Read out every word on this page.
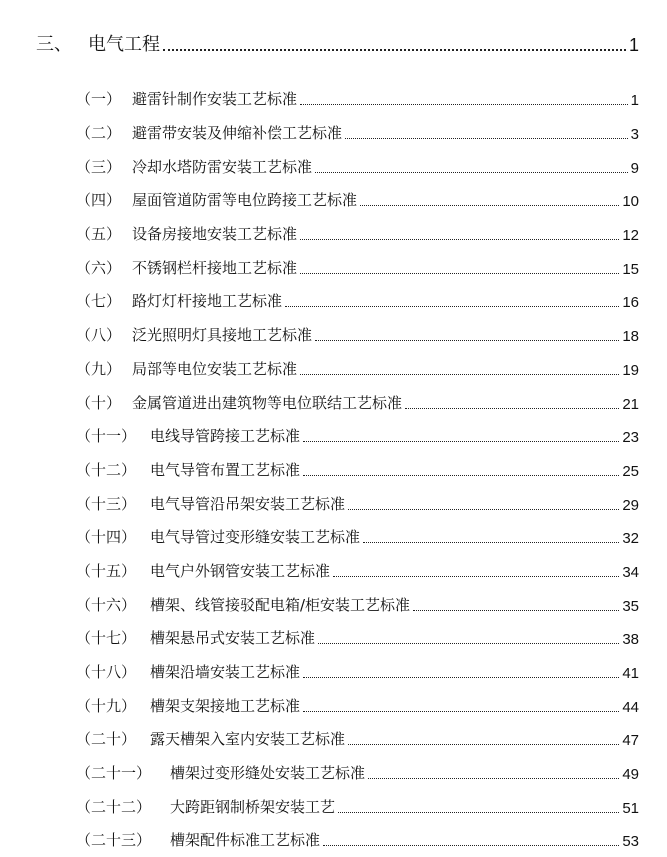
三、 电气工程	1
（一） 避雷针制作安装工艺标准	1
（二） 避雷带安装及伸缩补偿工艺标准	3
（三） 冷却水塔防雷安装工艺标准	9
（四） 屋面管道防雷等电位跨接工艺标准	10
（五） 设备房接地安装工艺标准	12
（六） 不锈钢栏杆接地工艺标准	15
（七） 路灯灯杆接地工艺标准	16
（八） 泛光照明灯具接地工艺标准	18
（九） 局部等电位安装工艺标准	19
（十） 金属管道进出建筑物等电位联结工艺标准	21
（十一） 电线导管跨接工艺标准	23
（十二） 电气导管布置工艺标准	25
（十三） 电气导管沿吊架安装工艺标准	29
（十四） 电气导管过变形缝安装工艺标准	32
（十五） 电气户外钢管安装工艺标准	34
（十六） 槽架、线管接驳配电箱/柜安装工艺标准	35
（十七） 槽架悬吊式安装工艺标准	38
（十八） 槽架沿墙安装工艺标准	41
（十九） 槽架支架接地工艺标准	44
（二十） 露天槽架入室内安装工艺标准	47
（二十一）	槽架过变形缝处安装工艺标准	49
（二十二）	大跨距钢制桥架安装工艺	51
（二十三）	槽架配件标准工艺标准	53
